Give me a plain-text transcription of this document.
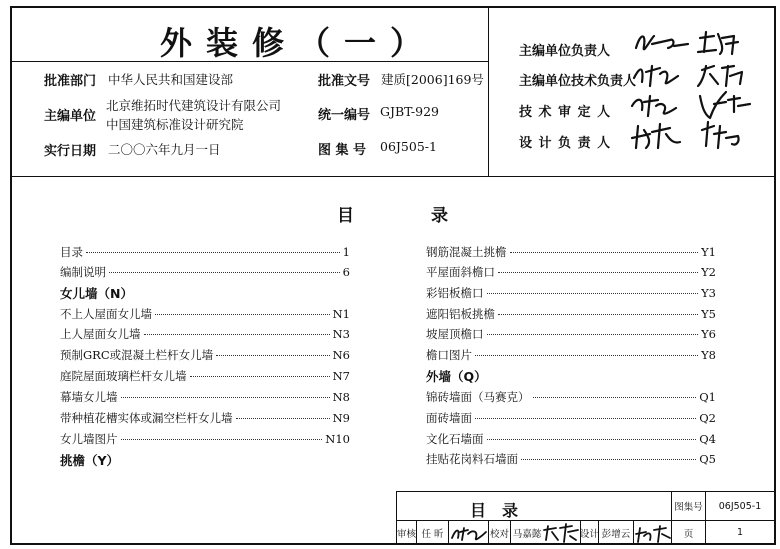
外装修（一）
批准部门 中华人民共和国建设部
主编单位
北京维拓时代建筑设计有限公司
中国建筑标准设计研究院
实行日期 二〇〇六年九月一日
批准文号 建质[2006]169号
统一编号 GJBT-929
图 集 号 06J505-1
主编单位负责人
主编单位技术负责人
技 术 审 定 人
设 计 负 责 人
目	录
目录	1
编制说明	6
女儿墙（N）
不上人屋面女儿墙	N1
上人屋面女儿墙	N3
预制GRC或混凝土栏杆女儿墙	N6
庭院屋面玻璃栏杆女儿墙	N7
幕墙女儿墙	N8
带种植花槽实体或漏空栏杆女儿墙	N9
女儿墙图片	N10
挑檐（Y）
钢筋混凝土挑檐	Y1
平屋面斜檐口	Y2
彩铝板檐口	Y3
遮阳铝板挑檐	Y5
坡屋顶檐口	Y6
檐口图片	Y8
外墙（Q）
锦砖墙面（马赛克）	Q1
面砖墙面	Q2
文化石墙面	Q4
挂贴花岗料石墙面	Q5
目　录	图集号	06J505-1
审核 任 昕	校对 马嘉懿	设计 彭增云	页	1
